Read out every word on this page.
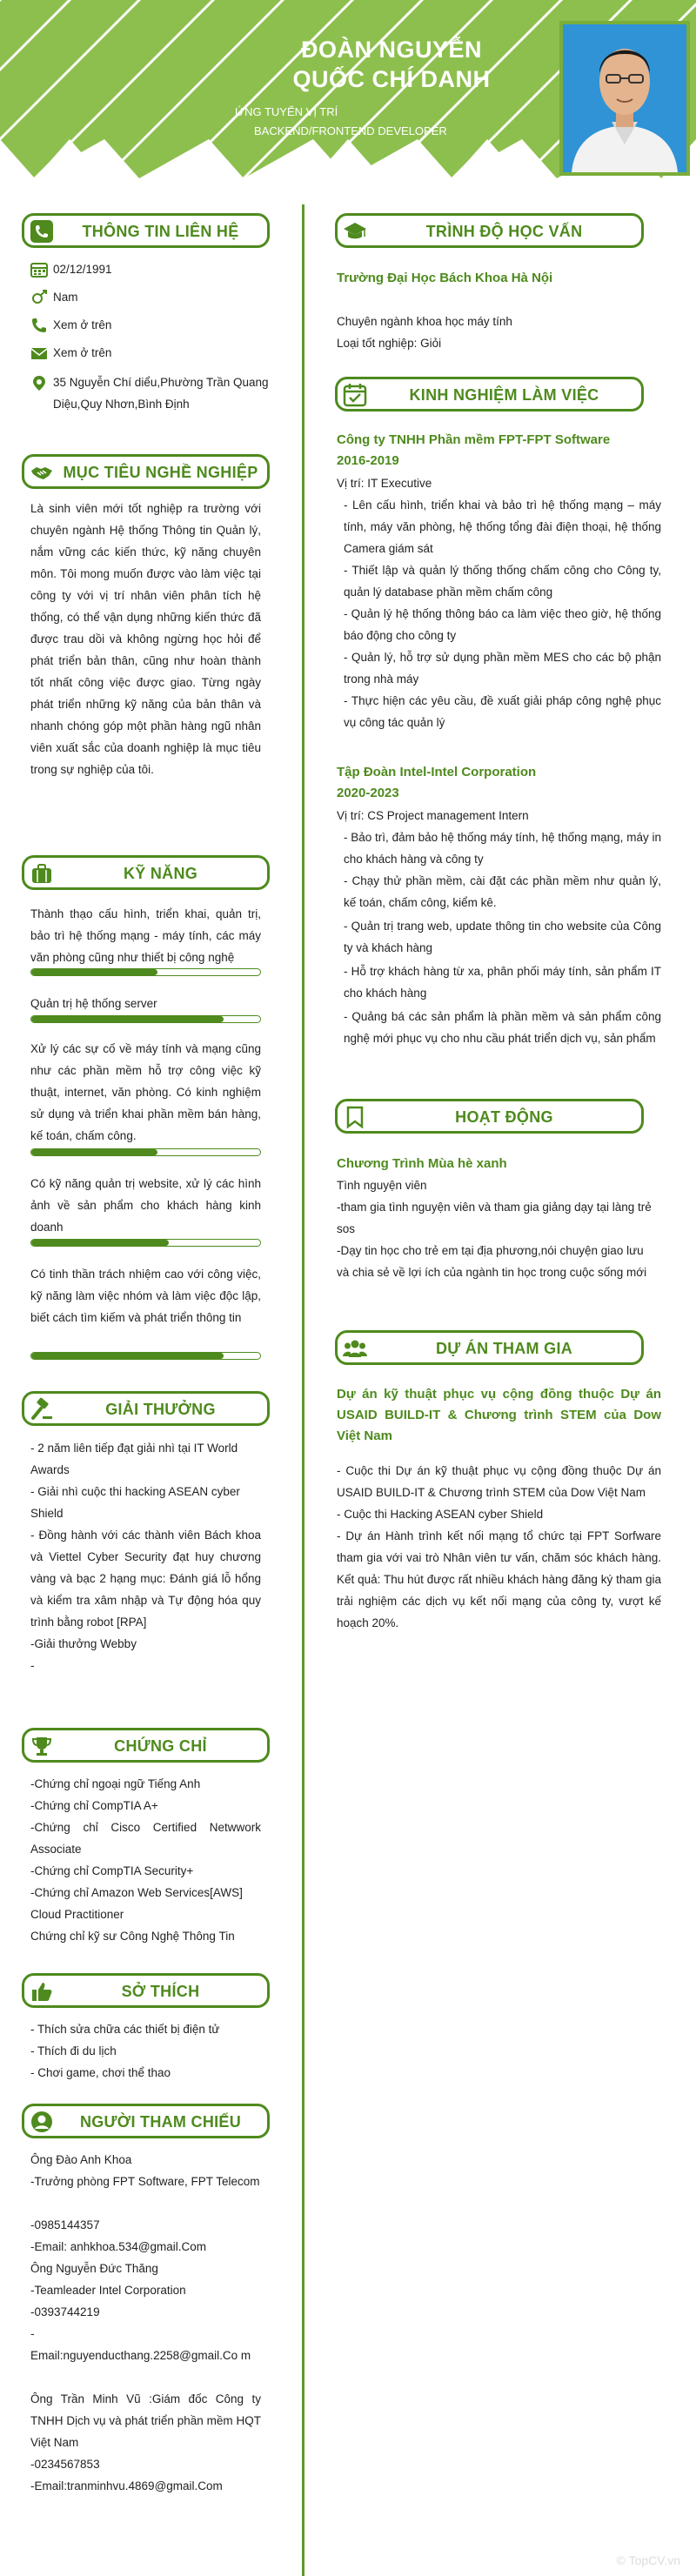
ĐOÀN NGUYỄN
QUỐC CHÍ DANH
ỨNG TUYỂN VỊ TRÍ
BACKEND/FRONTEND DEVELOPER
THÔNG TIN LIÊN HỆ
02/12/1991
Nam
Xem ở trên
Xem ở trên
35 Nguyễn Chí diểu,Phường Trần Quang
Diệu,Quy Nhơn,Bình Định
MỤC TIÊU NGHỀ NGHIỆP
Là sinh viên mới tốt nghiệp ra trường với chuyên ngành Hệ thống Thông tin Quản lý, nắm vững các kiến thức, kỹ năng chuyên môn. Tôi mong muốn được vào làm việc tại công ty với vị trí nhân viên phân tích hệ thống, có thể vận dụng những kiến thức đã được trau dồi và không ngừng học hỏi để phát triển bản thân, cũng như hoàn thành tốt nhất công việc được giao. Từng ngày phát triển những kỹ năng của bản thân và nhanh chóng góp một phần hàng ngũ nhân viên xuất sắc của doanh nghiệp là mục tiêu trong sự nghiệp của tôi.
KỸ NĂNG
Thành thạo cấu hình, triển khai, quản trị, bảo trì hệ thống mạng - máy tính, các máy văn phòng cũng như thiết bị công nghệ
Quản trị hệ thống server
Xử lý các sự cố về máy tính và mạng cũng như các phần mềm hỗ trợ công việc kỹ thuật, internet, văn phòng. Có kinh nghiệm sử dụng và triển khai phần mềm bán hàng, kế toán, chấm công.
Có kỹ năng quản trị website, xử lý các hình ảnh về sản phẩm cho khách hàng kinh doanh
Có tinh thần trách nhiệm cao với công việc, kỹ năng làm việc nhóm và làm việc độc lập, biết cách tìm kiếm và phát triển thông tin
GIẢI THƯỞNG
- 2 năm liên tiếp đạt giải nhì tại IT World Awards
- Giải nhì cuộc thi hacking ASEAN cyber Shield
- Đồng hành với các thành viên Bách khoa và Viettel Cyber Security đạt huy chương vàng và bạc 2 hạng mục: Đánh giá lỗ hổng và kiểm tra xâm nhập và Tự động hóa quy trình bằng robot [RPA]
-Giải thưởng Webby
-
CHỨNG CHỈ
-Chứng chỉ ngoại ngữ Tiếng Anh
-Chứng chỉ CompTIA A+
-Chứng chỉ Cisco Certified Netwwork Associate
-Chứng chỉ CompTIA Security+
-Chứng chỉ Amazon Web Services[AWS] Cloud Practitioner
Chứng chỉ kỹ sư Công Nghệ Thông Tin
SỞ THÍCH
- Thích sửa chữa các thiết bị điện tử
- Thích đi du lịch
- Chơi game, chơi thể thao
NGƯỜI THAM CHIẾU
Ông Đào Anh Khoa
-Trưởng phòng FPT Software, FPT Telecom
-0985144357
-Email: anhkhoa.534@gmail.Com
Ông Nguyễn Đức Thăng
-Teamleader Intel Corporation
-0393744219
-
Email:nguyenducthang.2258@gmail.Co m
Ông Trần Minh Vũ :Giám đốc Công ty TNHH Dịch vụ và phát triển phần mềm HQT Việt Nam
-0234567853
-Email:tranminhvu.4869@gmail.Com
TRÌNH ĐỘ HỌC VẤN
Trường Đại Học Bách Khoa Hà Nội
Chuyên ngành khoa học máy tính
Loại tốt nghiệp: Giỏi
KINH NGHIỆM LÀM VIỆC
Công ty TNHH Phần mềm FPT-FPT Software
2016-2019
Vị trí: IT Executive
- Lên cấu hình, triển khai và bảo trì hệ thống mạng – máy tính, máy văn phòng, hệ thống tổng đài điện thoại, hệ thống Camera giám sát
- Thiết lập và quản lý thống thống chấm công cho Công ty, quản lý database phần mềm chấm công
- Quản lý hệ thống thông báo ca làm việc theo giờ, hệ thống báo động cho công ty
- Quản lý, hỗ trợ sử dụng phần mềm MES cho các bộ phận trong nhà máy
- Thực hiện các yêu cầu, đề xuất giải pháp công nghệ phục vụ công tác quản lý
Tập Đoàn Intel-Intel Corporation
2020-2023
Vị trí: CS Project management Intern
- Bảo trì, đảm bảo hệ thống máy tính, hệ thống mạng, máy in cho khách hàng và công ty
- Chạy thử phần mềm, cài đặt các phần mềm như quản lý, kế toán, chấm công, kiểm kê.
- Quản trị trang web, update thông tin cho website của Công ty và khách hàng
- Hỗ trợ khách hàng từ xa, phân phối máy tính, sản phẩm IT cho khách hàng
- Quảng bá các sản phẩm là phần mềm và sản phẩm công nghệ mới phục vụ cho nhu cầu phát triển dịch vụ, sản phẩm
HOẠT ĐỘNG
Chương Trình Mùa hè xanh
Tình nguyện viên
-tham gia tình nguyện viên và tham gia giảng dạy tại làng trẻ sos
-Dạy tin học cho trẻ em tại địa phương,nói chuyện giao lưu và chia sẻ về lợi ích của ngành tin học trong cuộc sống mới
DỰ ÁN THAM GIA
Dự án kỹ thuật phục vụ cộng đồng thuộc Dự án USAID BUILD-IT & Chương trình STEM của Dow Việt Nam
- Cuộc thi Dự án kỹ thuật phục vụ cộng đồng thuộc Dự án USAID BUILD-IT & Chương trình STEM của Dow Việt Nam
- Cuộc thi Hacking ASEAN cyber Shield
- Dự án Hành trình kết nối mạng tổ chức tại FPT Sorfware tham gia với vai trò Nhân viên tư vấn, chăm sóc khách hàng. Kết quả: Thu hút được rất nhiều khách hàng đăng ký tham gia trải nghiệm các dịch vụ kết nối mạng của công ty, vượt kế hoạch 20%.
© TopCV.vn
